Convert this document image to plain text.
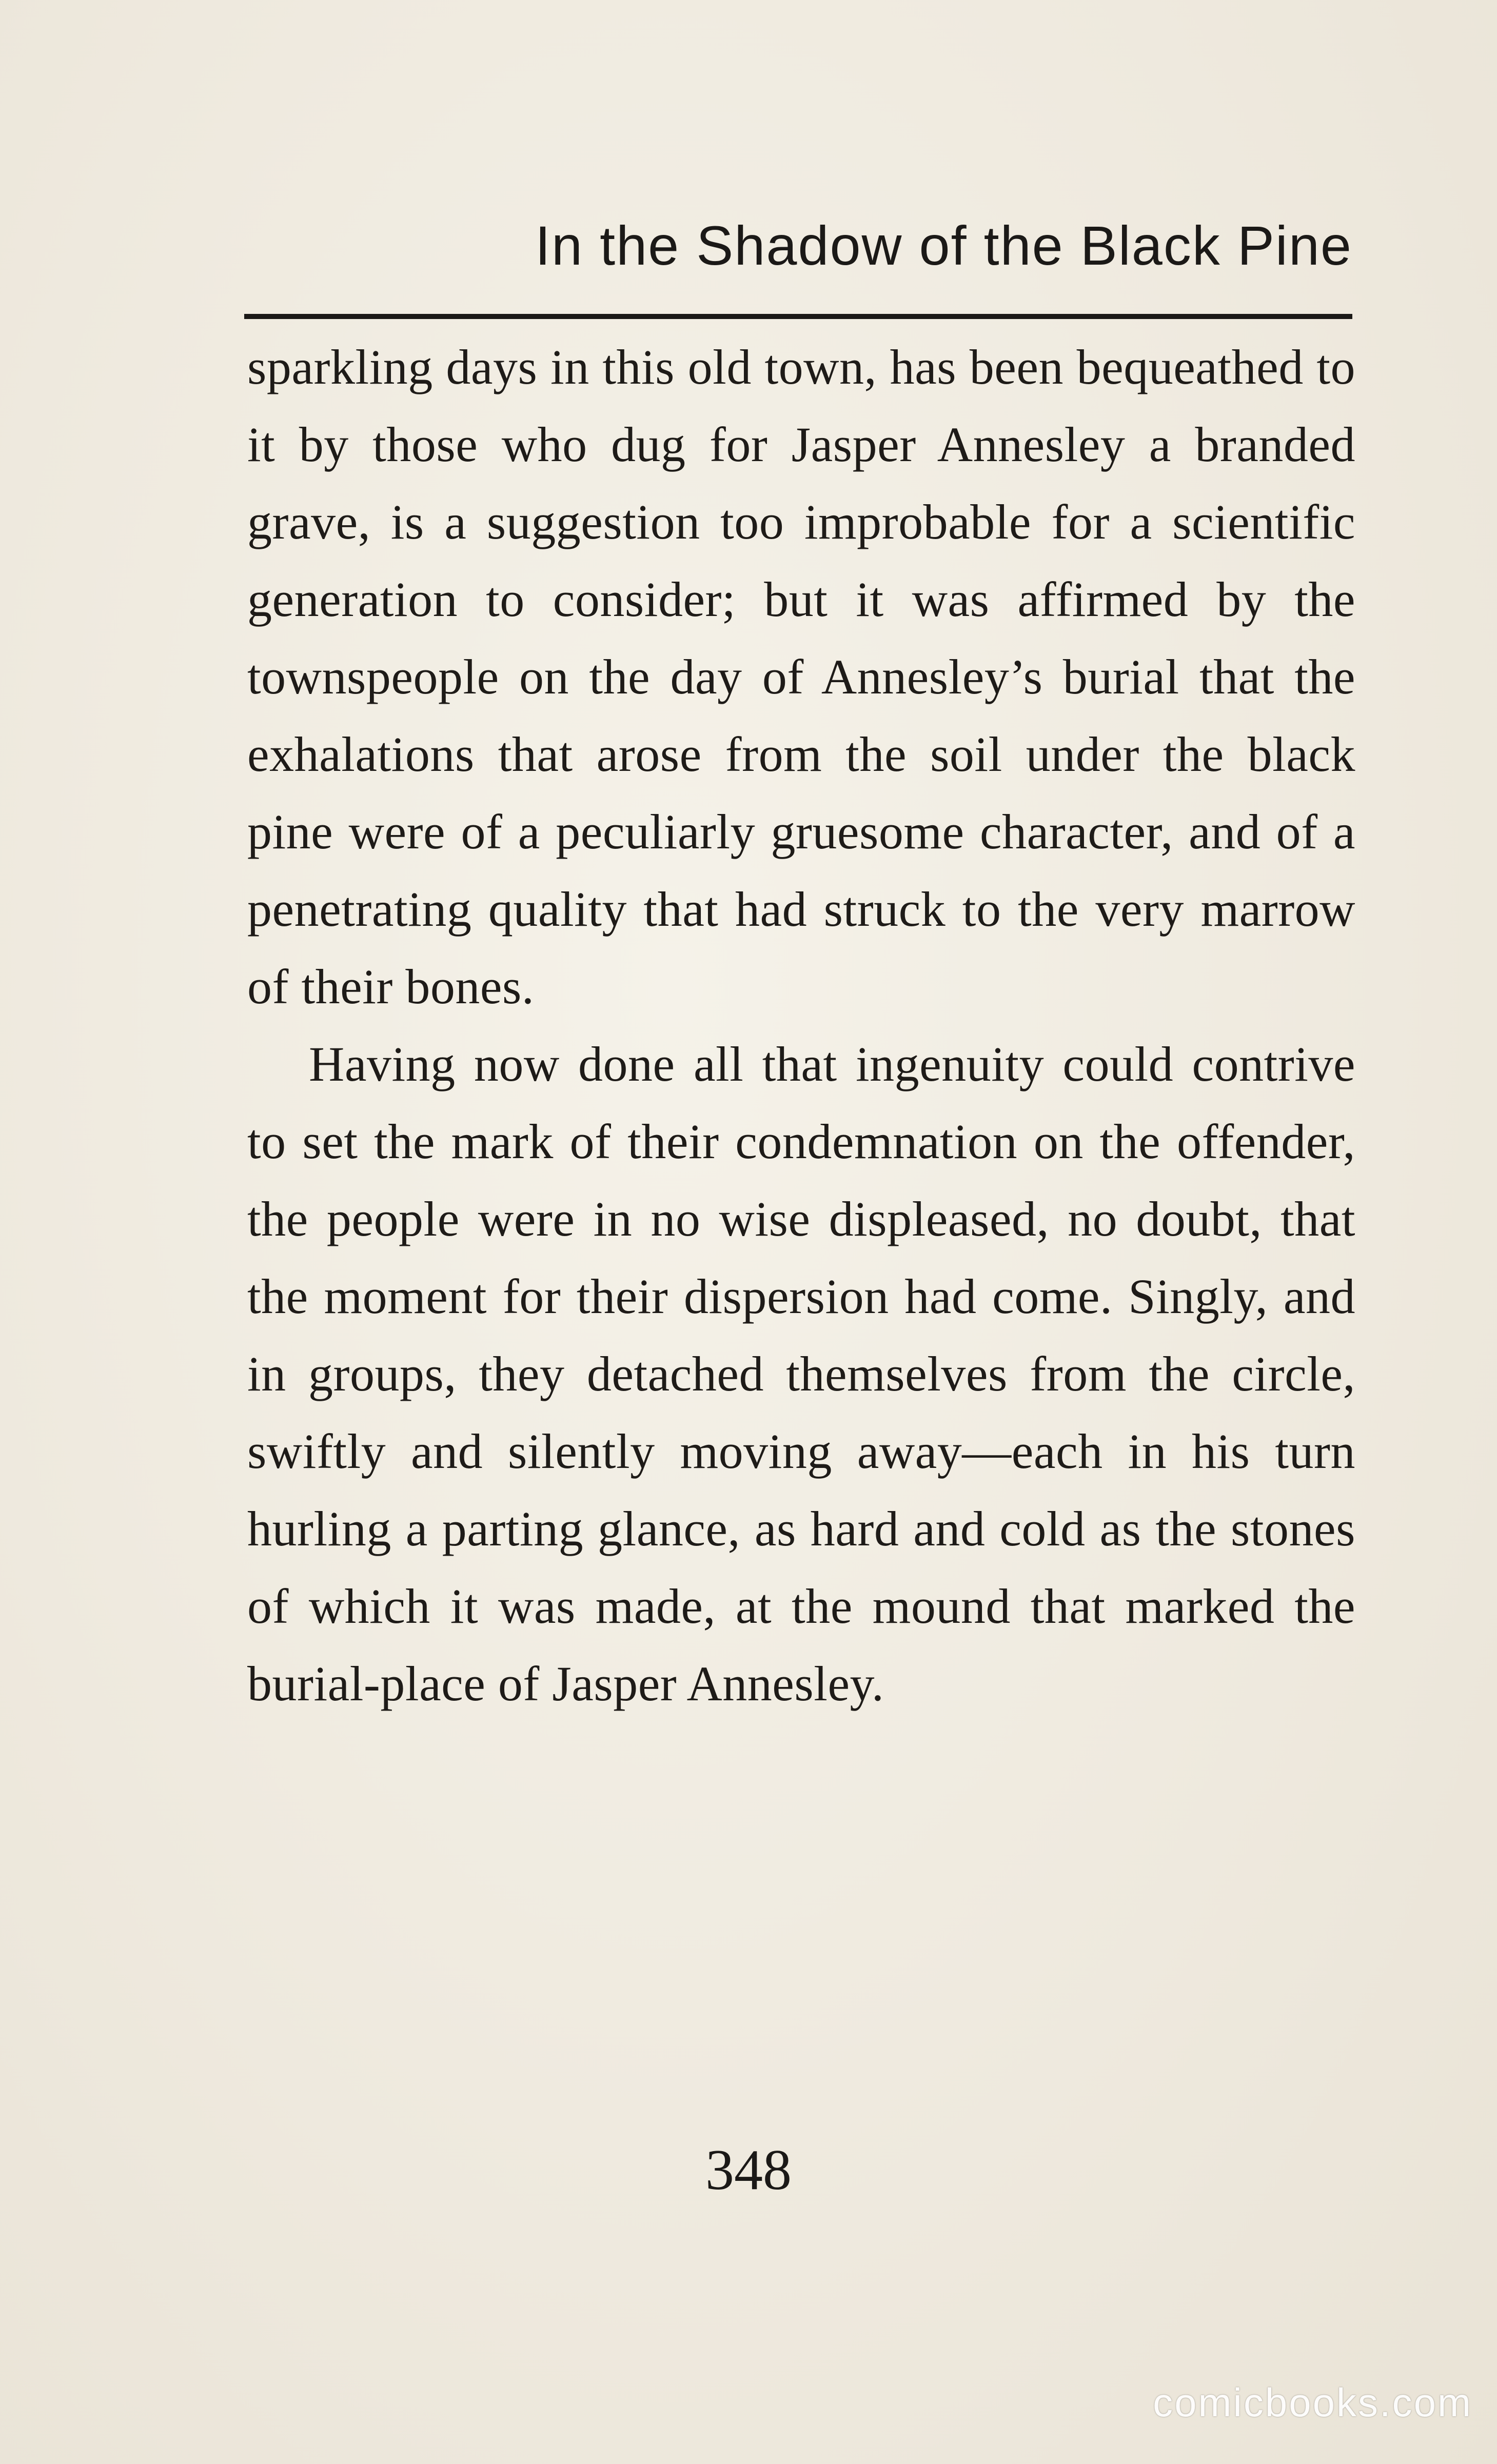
In the Shadow of the Black Pine

sparkling days in this old town, has been bequeathed to it by those who dug for Jasper Annesley a branded grave, is a suggestion too improbable for a scientific generation to consider; but it was affirmed by the townspeople on the day of Annesley’s burial that the exhalations that arose from the soil under the black pine were of a peculiarly gruesome character, and of a penetrating quality that had struck to the very marrow of their bones.

Having now done all that ingenuity could contrive to set the mark of their condemnation on the offender, the people were in no wise displeased, no doubt, that the moment for their dispersion had come. Singly, and in groups, they detached themselves from the circle, swiftly and silently moving away—each in his turn hurling a parting glance, as hard and cold as the stones of which it was made, at the mound that marked the burial-place of Jasper Annesley.

348
comicbooks.com
